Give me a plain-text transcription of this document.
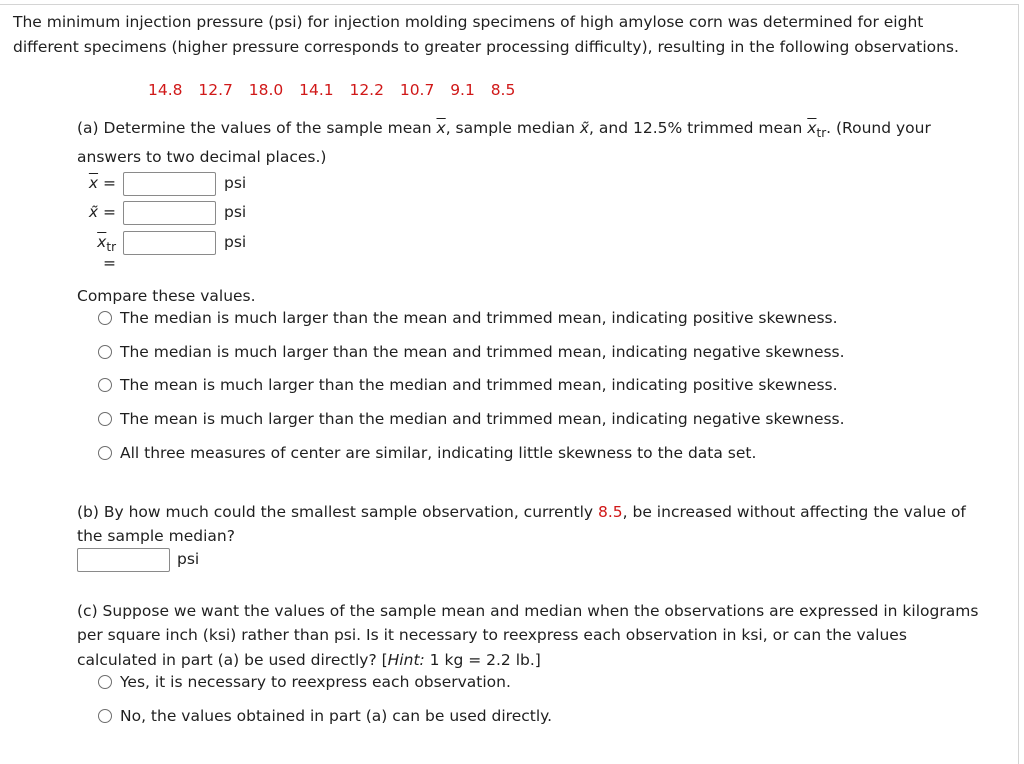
The minimum injection pressure (psi) for injection molding specimens of high amylose corn was determined for eight
different specimens (higher pressure corresponds to greater processing difficulty), resulting in the following observations.
14.8  12.7  18.0  14.1  12.2  10.7  9.1  8.5
(a) Determine the values of the sample mean $\overline{x}$, sample median x̃, and 12.5% trimmed mean $\overline{x}_{tr}$. (Round your
answers to two decimal places.)
$\overline{x}$ =	psi
x̃ =	psi
$\overline{x}_{tr}$ =
psi
Compare these values.
The median is much larger than the mean and trimmed mean, indicating positive skewness.
The median is much larger than the mean and trimmed mean, indicating negative skewness.
The mean is much larger than the median and trimmed mean, indicating positive skewness.
The mean is much larger than the median and trimmed mean, indicating negative skewness.
All three measures of center are similar, indicating little skewness to the data set.
(b) By how much could the smallest sample observation, currently 8.5, be increased without affecting the value of
the sample median?
psi
(c) Suppose we want the values of the sample mean and median when the observations are expressed in kilograms
per square inch (ksi) rather than psi. Is it necessary to reexpress each observation in ksi, or can the values
calculated in part (a) be used directly? [Hint: 1 kg = 2.2 lb.]
Yes, it is necessary to reexpress each observation.
No, the values obtained in part (a) can be used directly.
